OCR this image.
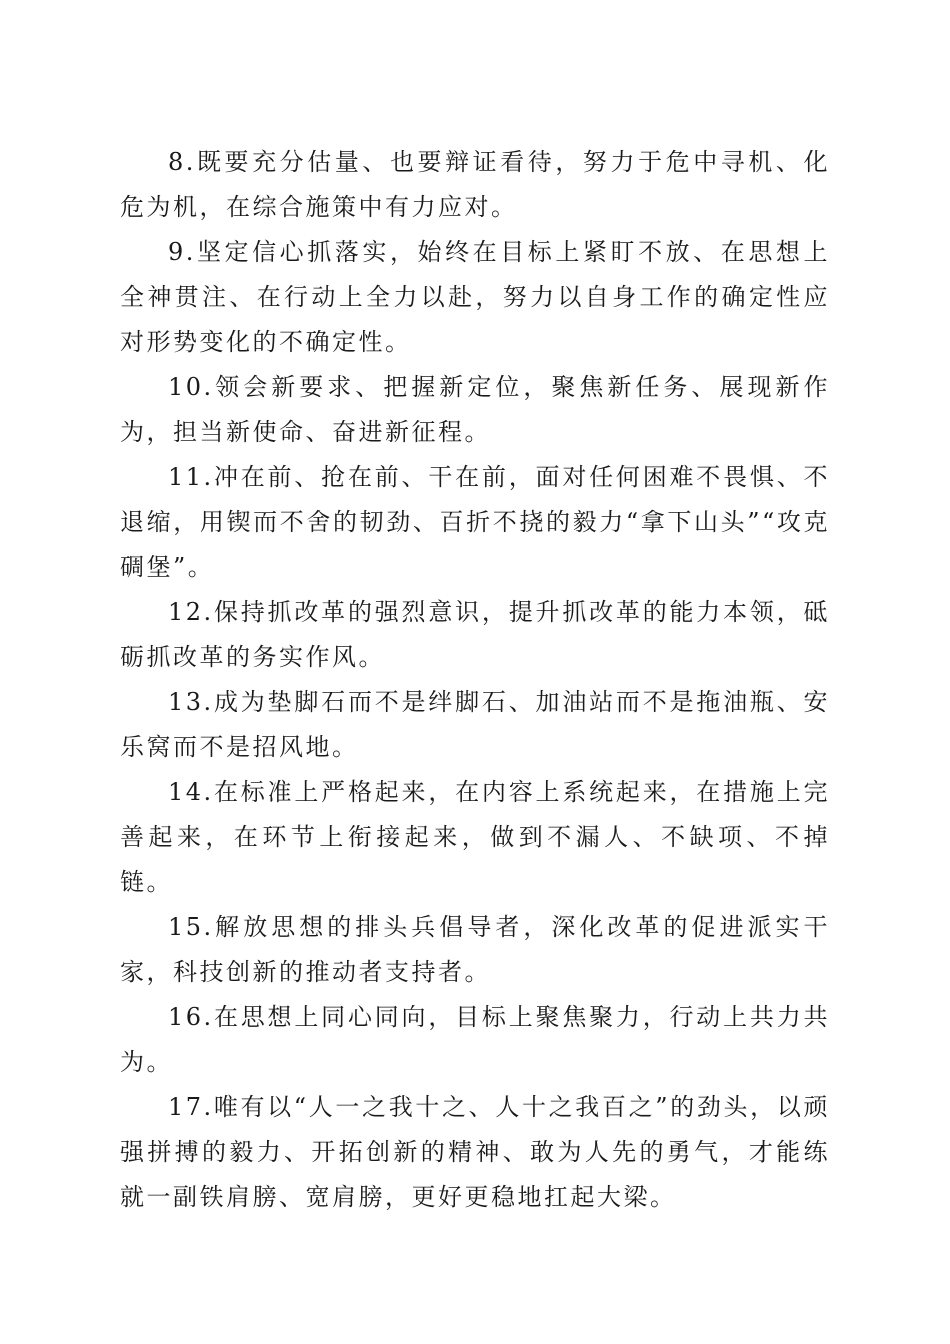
8.既要充分估量、也要辩证看待，努力于危中寻机、化危为机，在综合施策中有力应对。

9.坚定信心抓落实，始终在目标上紧盯不放、在思想上全神贯注、在行动上全力以赴，努力以自身工作的确定性应对形势变化的不确定性。

10.领会新要求、把握新定位，聚焦新任务、展现新作为，担当新使命、奋进新征程。

11.冲在前、抢在前、干在前，面对任何困难不畏惧、不退缩，用锲而不舍的韧劲、百折不挠的毅力“拿下山头”“攻克碉堡”。

12.保持抓改革的强烈意识，提升抓改革的能力本领，砥砺抓改革的务实作风。

13.成为垫脚石而不是绊脚石、加油站而不是拖油瓶、安乐窝而不是招风地。

14.在标准上严格起来，在内容上系统起来，在措施上完善起来，在环节上衔接起来，做到不漏人、不缺项、不掉链。

15.解放思想的排头兵倡导者，深化改革的促进派实干家，科技创新的推动者支持者。

16.在思想上同心同向，目标上聚焦聚力，行动上共力共为。

17.唯有以“人一之我十之、人十之我百之”的劲头，以顽强拼搏的毅力、开拓创新的精神、敢为人先的勇气，才能练就一副铁肩膀、宽肩膀，更好更稳地扛起大梁。
